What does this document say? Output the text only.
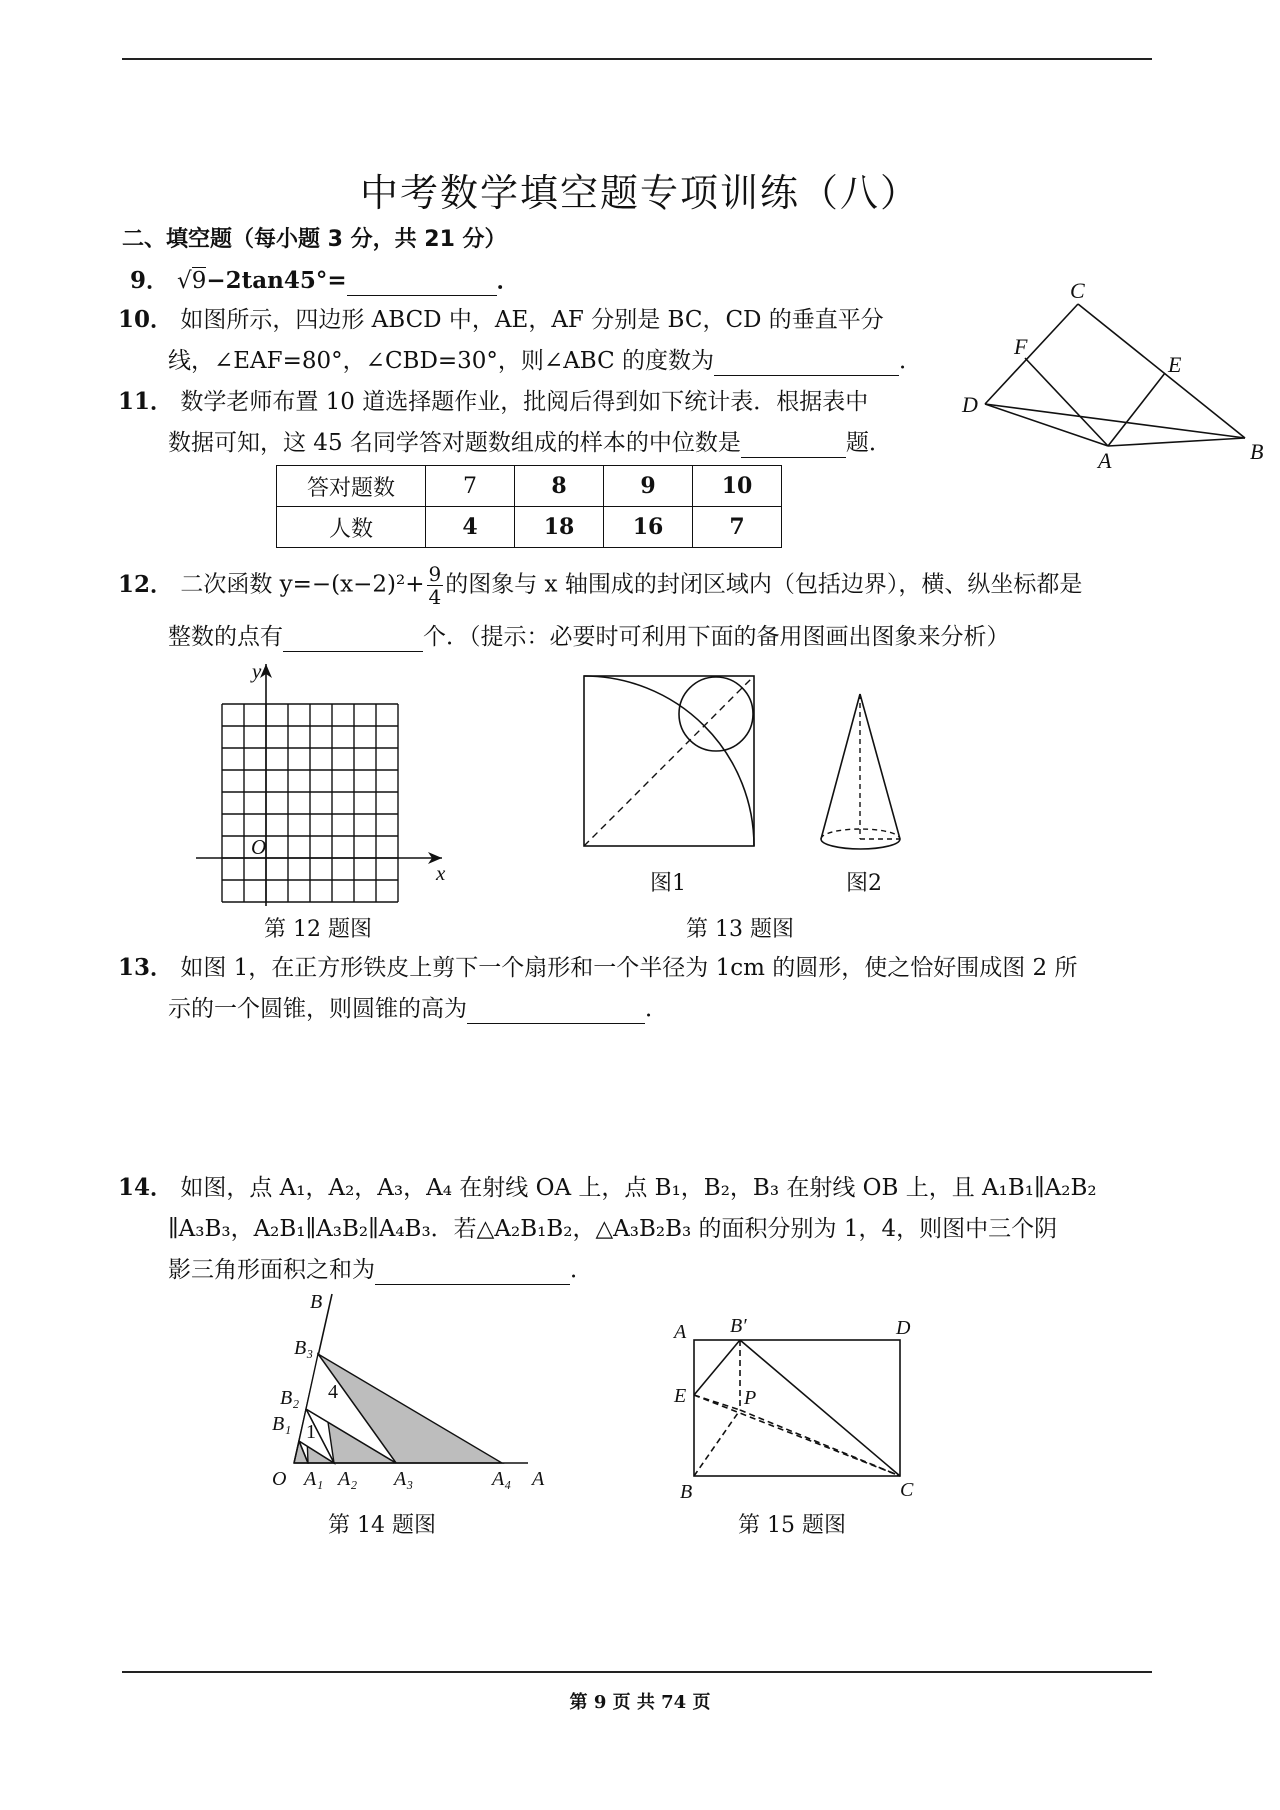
中考数学填空题专项训练（八）
二、填空题（每小题 3 分，共 21 分）
9． √9−2tan45°=	．
10． 如图所示，四边形 ABCD 中，AE，AF 分别是 BC，CD 的垂直平分
线，∠EAF=80°，∠CBD=30°，则∠ABC 的度数为	．
C
F
E
D
A	B
11． 数学老师布置 10 道选择题作业，批阅后得到如下统计表．根据表中
数据可知，这 45 名同学答对题数组成的样本的中位数是	题．
答对题数	7	8	9	10
人数	4	18	16	7
12． 二次函数 $y=-(x-2)^2+ \frac{9}{4}$ 的图象与 x 轴围成的封闭区域内（包括边界），横、纵坐标都是
整数的点有	个．（提示：必要时可利用下面的备用图画出图象来分析）
y
x
O
第 12 题图
图1	图2
第 13 题图
13． 如图 1，在正方形铁皮上剪下一个扇形和一个半径为 1cm 的圆形，使之恰好围成图 2 所
示的一个圆锥，则圆锥的高为	．
14． 如图，点 A₁，A₂，A₃，A₄ 在射线 OA 上，点 B₁，B₂，B₃ 在射线 OB 上，且 A₁B₁∥A₂B₂
∥A₃B₃，A₂B₁∥A₃B₂∥A₄B₃．若△A₂B₁B₂，△A₃B₂B₃ 的面积分别为 1，4，则图中三个阴
影三角形面积之和为	．
B
B₃
B₂
B₁
O A₁ A₂ A₃	A₄ A
1
4
第 14 题图
A B′	D
E	P
B	C
第 15 题图
第 9 页 共 74 页
